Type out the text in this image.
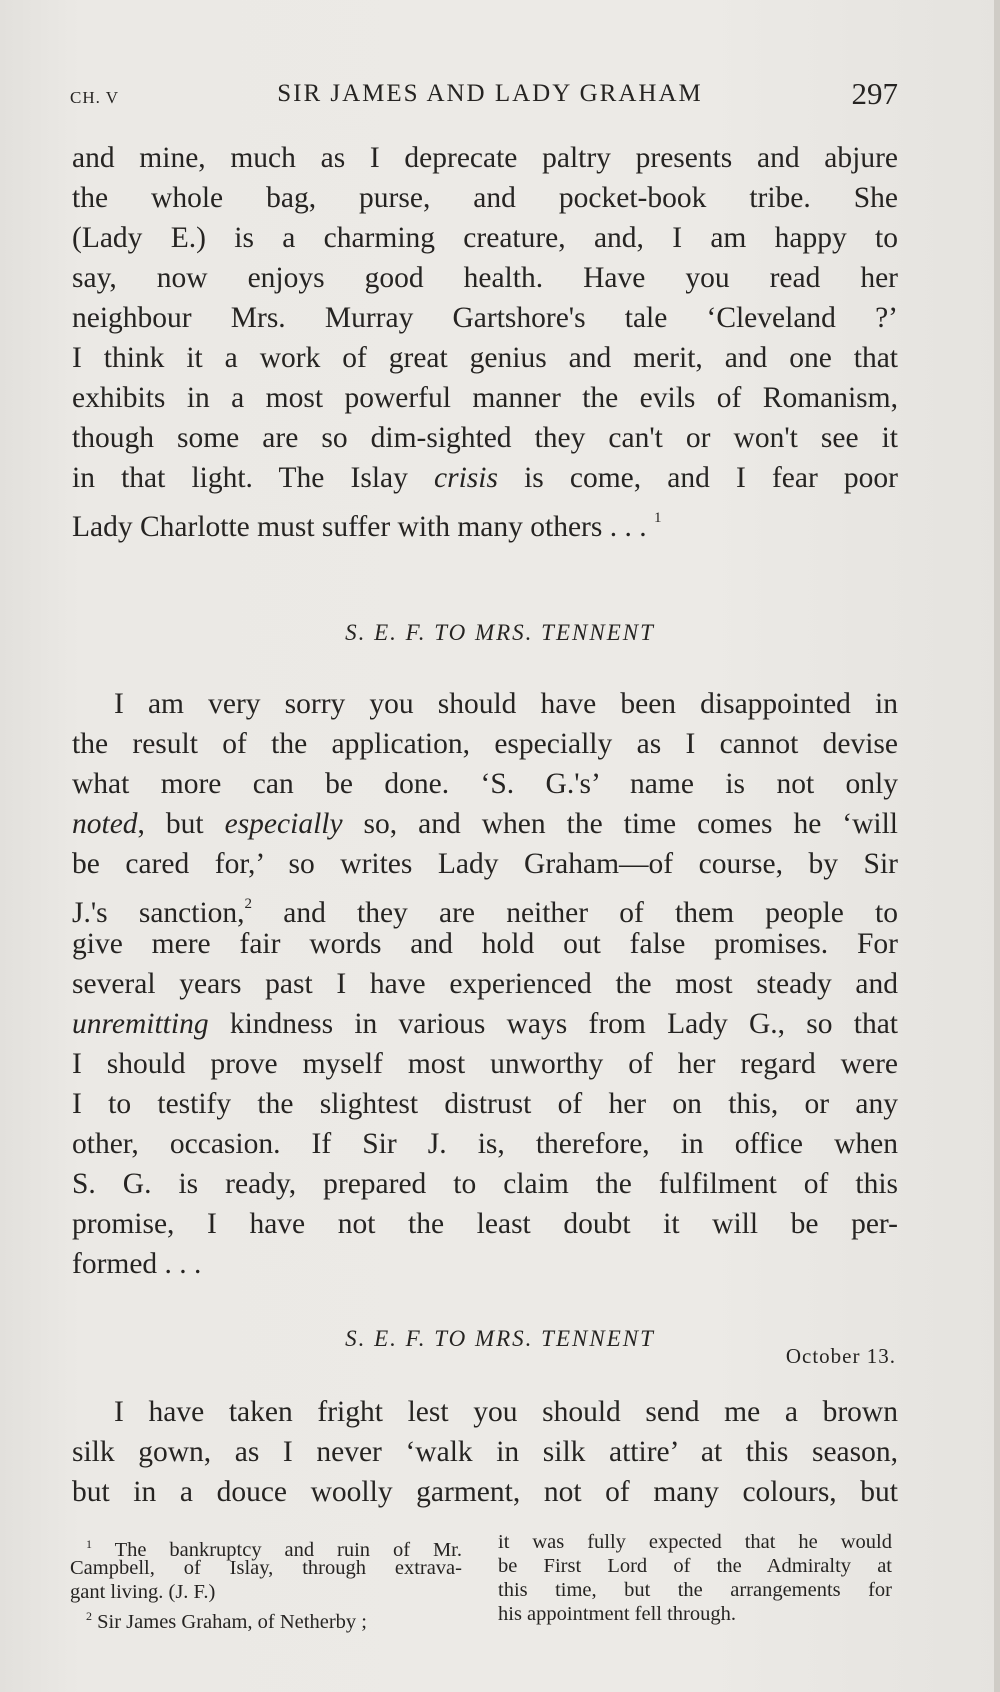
CH. V	SIR JAMES AND LADY GRAHAM	297
and mine, much as I deprecate paltry presents and abjure
the whole bag, purse, and pocket-book tribe. She
(Lady E.) is a charming creature, and, I am happy to
say, now enjoys good health. Have you read her
neighbour Mrs. Murray Gartshore's tale ‘Cleveland ?’
I think it a work of great genius and merit, and one that
exhibits in a most powerful manner the evils of Romanism,
though some are so dim-sighted they can't or won't see it
in that light. The Islay crisis is come, and I fear poor
Lady Charlotte must suffer with many others . . . $^1$
S. E. F. TO MRS. TENNENT
I am very sorry you should have been disappointed in
the result of the application, especially as I cannot devise
what more can be done. ‘S. G.'s’ name is not only
noted, but especially so, and when the time comes he ‘will
be cared for,’ so writes Lady Graham—of course, by Sir
J.'s sanction,$^2$ and they are neither of them people to
give mere fair words and hold out false promises. For
several years past I have experienced the most steady and
unremitting kindness in various ways from Lady G., so that
I should prove myself most unworthy of her regard were
I to testify the slightest distrust of her on this, or any
other, occasion. If Sir J. is, therefore, in office when
S. G. is ready, prepared to claim the fulfilment of this
promise, I have not the least doubt it will be per-
formed . . .
S. E. F. TO MRS. TENNENT
October 13.
I have taken fright lest you should send me a brown
silk gown, as I never ‘walk in silk attire’ at this season,
but in a douce woolly garment, not of many colours, but
$^1$ The bankruptcy and ruin of Mr.
Campbell, of Islay, through extrava-
gant living. (J. F.)
$^2$ Sir James Graham, of Netherby ;
it was fully expected that he would
be First Lord of the Admiralty at
this time, but the arrangements for
his appointment fell through.
